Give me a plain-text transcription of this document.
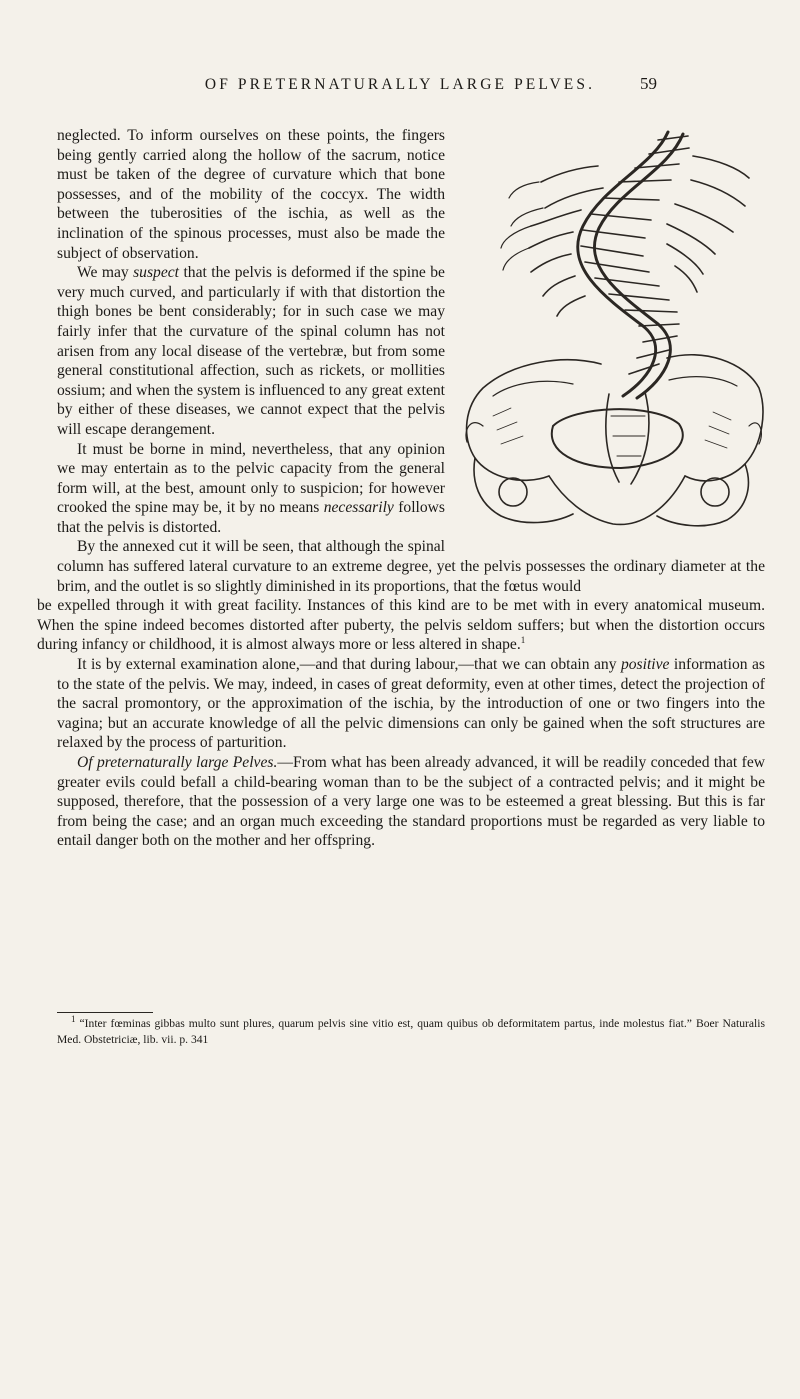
OF PRETERNATURALLY LARGE PELVES.	59

neglected. To inform ourselves on these points, the fingers being gently carried along the hollow of the sacrum, notice must be taken of the degree of curvature which that bone possesses, and of the mobility of the coccyx. The width between the tuberosities of the ischia, as well as the inclination of the spinous processes, must also be made the subject of observation.

We may suspect that the pelvis is deformed if the spine be very much curved, and particularly if with that distortion the thigh bones be bent considerably; for in such case we may fairly infer that the curvature of the spinal column has not arisen from any local disease of the vertebræ, but from some general constitutional affection, such as rickets, or mollities ossium; and when the system is influenced to any great extent by either of these diseases, we cannot expect that the pelvis will escape derangement.

It must be borne in mind, nevertheless, that any opinion we may entertain as to the pelvic capacity from the general form will, at the best, amount only to suspicion; for however crooked the spine may be, it by no means necessarily follows that the pelvis is distorted.

By the annexed cut it will be seen, that although the spinal column has suffered lateral curvature to an extreme degree, yet the pelvis possesses the ordinary diameter at the brim, and the outlet is so slightly diminished in its proportions, that the fœtus would
be expelled through it with great facility. Instances of this kind are to be met with in every anatomical museum. When the spine indeed becomes distorted after puberty, the pelvis seldom suffers; but when the distortion occurs during infancy or childhood, it is almost always more or less altered in shape.$^1$

It is by external examination alone,—and that during labour,—that we can obtain any positive information as to the state of the pelvis. We may, indeed, in cases of great deformity, even at other times, detect the projection of the sacral promontory, or the approximation of the ischia, by the introduction of one or two fingers into the vagina; but an accurate knowledge of all the pelvic dimensions can only be gained when the soft structures are relaxed by the process of parturition.

Of preternaturally large Pelves.—From what has been already advanced, it will be readily conceded that few greater evils could befall a child-bearing woman than to be the subject of a contracted pelvis; and it might be supposed, therefore, that the possession of a very large one was to be esteemed a great blessing. But this is far from being the case; and an organ much exceeding the standard proportions must be regarded as very liable to entail danger both on the mother and her offspring.

$^1$ “Inter fœminas gibbas multo sunt plures, quarum pelvis sine vitio est, quam quibus ob deformitatem partus, inde molestus fiat.” Boer Naturalis Med. Obstetriciæ, lib. vii. p. 341
